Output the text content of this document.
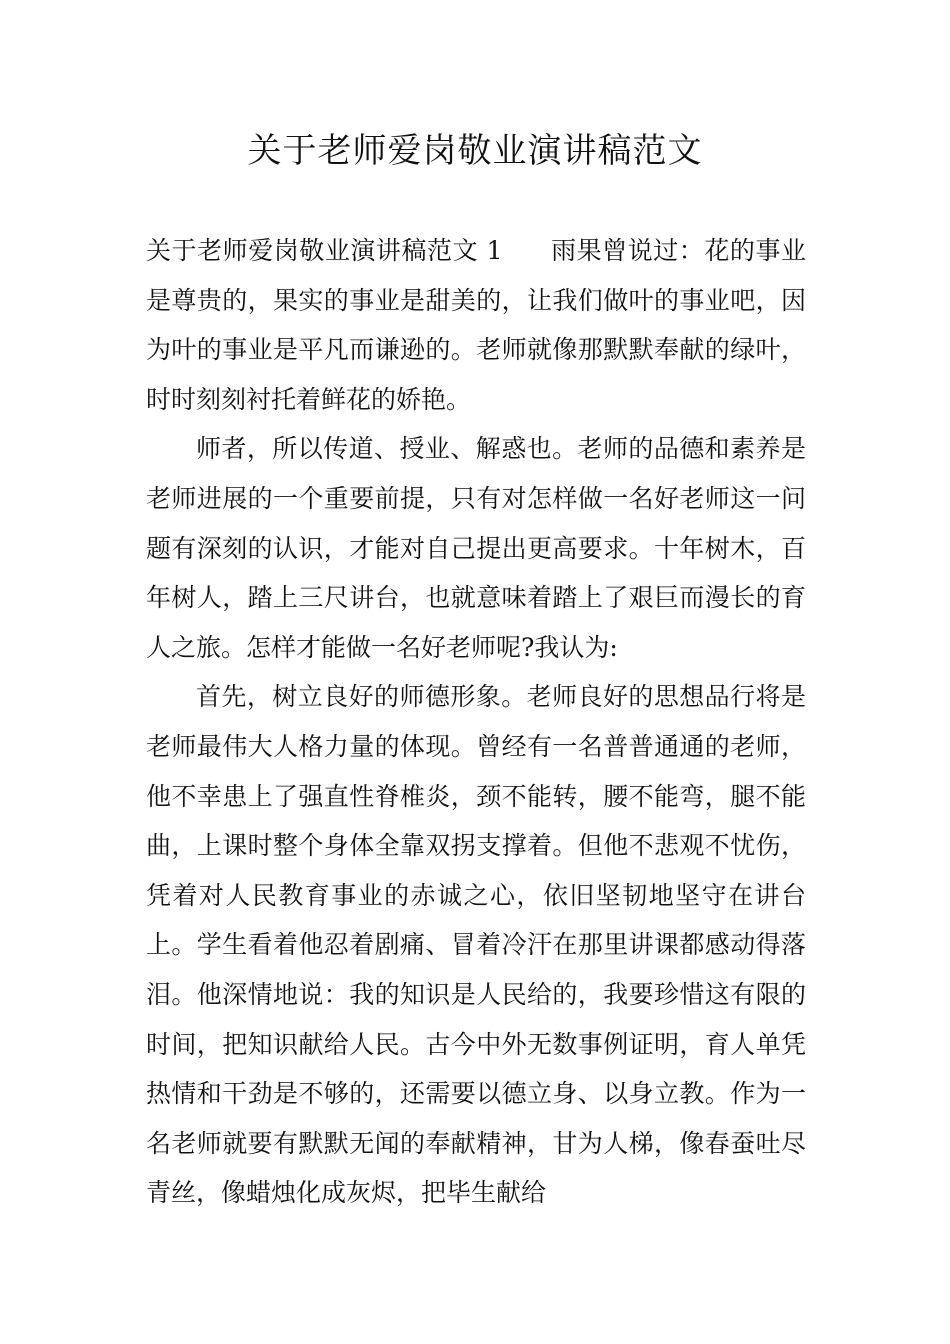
关于老师爱岗敬业演讲稿范文

关于老师爱岗敬业演讲稿范文 1 雨果曾说过：花的事业是尊贵的，果实的事业是甜美的，让我们做叶的事业吧，因为叶的事业是平凡而谦逊的。老师就像那默默奉献的绿叶，时时刻刻衬托着鲜花的娇艳。

师者，所以传道、授业、解惑也。老师的品德和素养是老师进展的一个重要前提，只有对怎样做一名好老师这一问题有深刻的认识，才能对自己提出更高要求。十年树木，百年树人，踏上三尺讲台，也就意味着踏上了艰巨而漫长的育人之旅。怎样才能做一名好老师呢?我认为:

首先，树立良好的师德形象。老师良好的思想品行将是老师最伟大人格力量的体现。曾经有一名普普通通的老师，他不幸患上了强直性脊椎炎，颈不能转，腰不能弯，腿不能曲，上课时整个身体全靠双拐支撑着。但他不悲观不忧伤，凭着对人民教育事业的赤诚之心，依旧坚韧地坚守在讲台上。学生看着他忍着剧痛、冒着冷汗在那里讲课都感动得落泪。他深情地说：我的知识是人民给的，我要珍惜这有限的时间，把知识献给人民。古今中外无数事例证明，育人单凭热情和干劲是不够的，还需要以德立身、以身立教。作为一名老师就要有默默无闻的奉献精神，甘为人梯，像春蚕吐尽青丝，像蜡烛化成灰烬，把毕生献给
